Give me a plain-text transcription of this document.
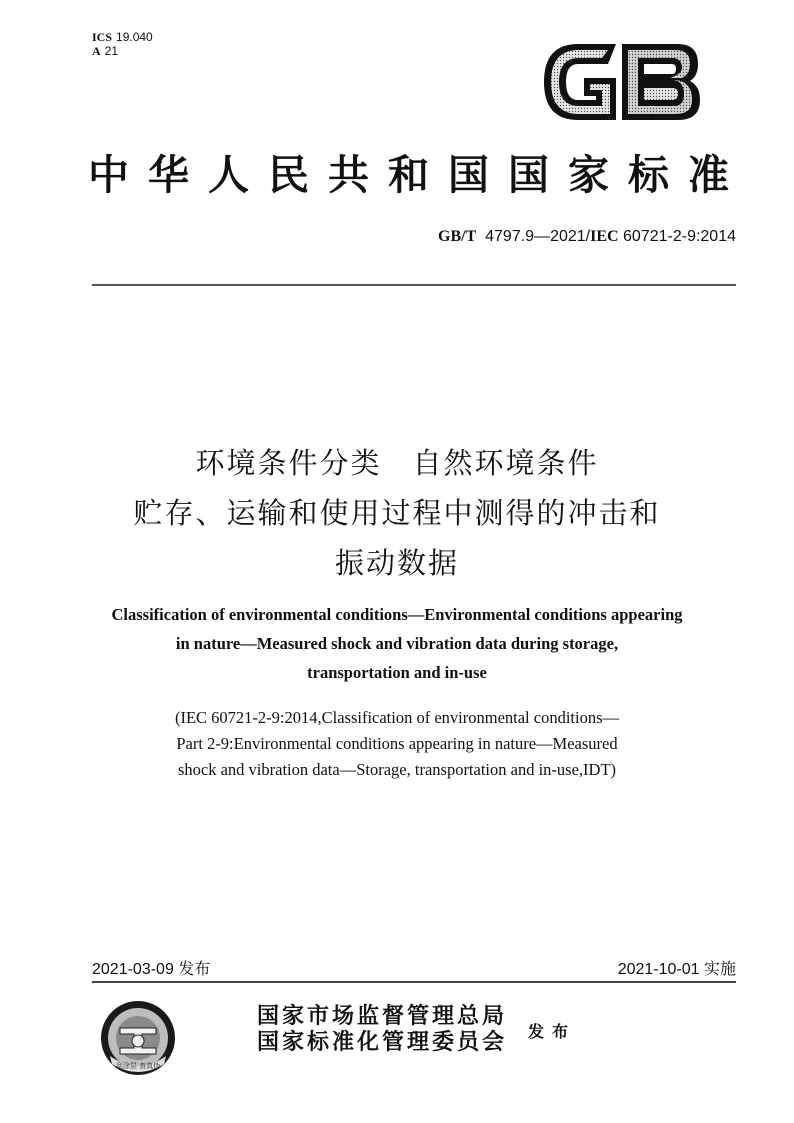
ICS 19.040
A 21
中华人民共和国国家标准
GB/T 4797.9—2021/IEC 60721-2-9:2014
环境条件分类　自然环境条件
贮存、运输和使用过程中测得的冲击和
振动数据
Classification of environmental conditions—Environmental conditions appearing
in nature—Measured shock and vibration data during storage,
transportation and in-use
(IEC 60721-2-9:2014,Classification of environmental conditions—
Part 2-9:Environmental conditions appearing in nature—Measured
shock and vibration data—Storage, transportation and in-use,IDT)
2021-03-09 发布	2021-10-01 实施
刮涂层 查真伪
国家市场监督管理总局
国家标准化管理委员会 发布
